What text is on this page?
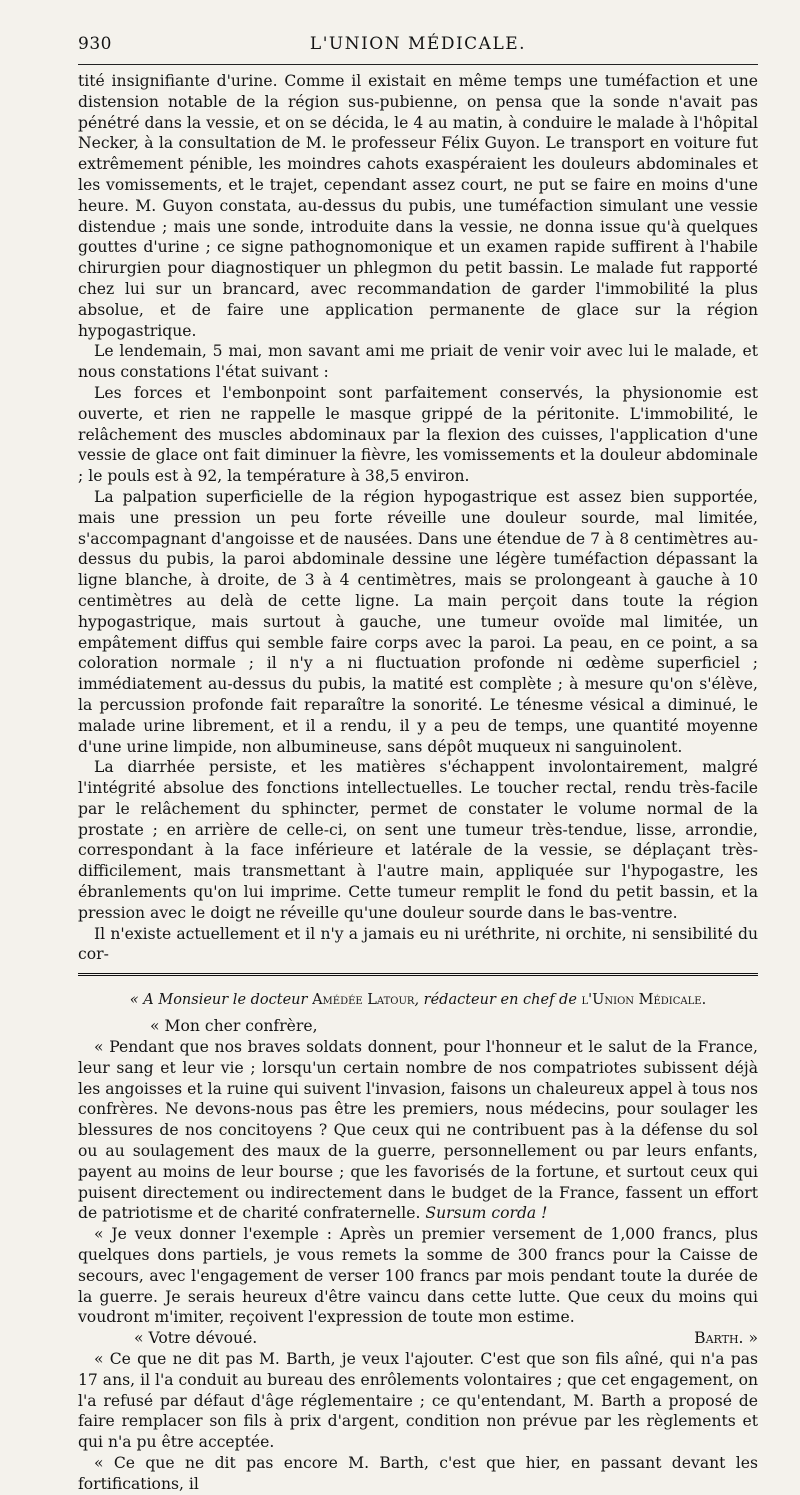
930	L'UNION MÉDICALE.

tité insignifiante d'urine. Comme il existait en même temps une tuméfaction et une distension notable de la région sus-pubienne, on pensa que la sonde n'avait pas pénétré dans la vessie, et on se décida, le 4 au matin, à conduire le malade à l'hôpital Necker, à la consultation de M. le professeur Félix Guyon. Le transport en voiture fut extrêmement pénible, les moindres cahots exaspéraient les douleurs abdominales et les vomissements, et le trajet, cependant assez court, ne put se faire en moins d'une heure. M. Guyon constata, au-dessus du pubis, une tuméfaction simulant une vessie distendue ; mais une sonde, introduite dans la vessie, ne donna issue qu'à quelques gouttes d'urine ; ce signe pathognomonique et un examen rapide suffirent à l'habile chirurgien pour diagnostiquer un phlegmon du petit bassin. Le malade fut rapporté chez lui sur un brancard, avec recommandation de garder l'immobilité la plus absolue, et de faire une application permanente de glace sur la région hypogastrique.

Le lendemain, 5 mai, mon savant ami me priait de venir voir avec lui le malade, et nous constations l'état suivant :

Les forces et l'embonpoint sont parfaitement conservés, la physionomie est ouverte, et rien ne rappelle le masque grippé de la péritonite. L'immobilité, le relâchement des muscles abdominaux par la flexion des cuisses, l'application d'une vessie de glace ont fait diminuer la fièvre, les vomissements et la douleur abdominale ; le pouls est à 92, la température à 38,5 environ.

La palpation superficielle de la région hypogastrique est assez bien supportée, mais une pression un peu forte réveille une douleur sourde, mal limitée, s'accompagnant d'angoisse et de nausées. Dans une étendue de 7 à 8 centimètres au-dessus du pubis, la paroi abdominale dessine une légère tuméfaction dépassant la ligne blanche, à droite, de 3 à 4 centimètres, mais se prolongeant à gauche à 10 centimètres au delà de cette ligne. La main perçoit dans toute la région hypogastrique, mais surtout à gauche, une tumeur ovoïde mal limitée, un empâtement diffus qui semble faire corps avec la paroi. La peau, en ce point, a sa coloration normale ; il n'y a ni fluctuation profonde ni œdème superficiel ; immédiatement au-dessus du pubis, la matité est complète ; à mesure qu'on s'élève, la percussion profonde fait reparaître la sonorité. Le ténesme vésical a diminué, le malade urine librement, et il a rendu, il y a peu de temps, une quantité moyenne d'une urine limpide, non albumineuse, sans dépôt muqueux ni sanguinolent.

La diarrhée persiste, et les matières s'échappent involontairement, malgré l'intégrité absolue des fonctions intellectuelles. Le toucher rectal, rendu très-facile par le relâchement du sphincter, permet de constater le volume normal de la prostate ; en arrière de celle-ci, on sent une tumeur très-tendue, lisse, arrondie, correspondant à la face inférieure et latérale de la vessie, se déplaçant très-difficilement, mais transmettant à l'autre main, appliquée sur l'hypogastre, les ébranlements qu'on lui imprime. Cette tumeur remplit le fond du petit bassin, et la pression avec le doigt ne réveille qu'une douleur sourde dans le bas-ventre.

Il n'existe actuellement et il n'y a jamais eu ni uréthrite, ni orchite, ni sensibilité du cor-

« A Monsieur le docteur Amédée Latour, rédacteur en chef de l'Union Médicale.

« Mon cher confrère,

« Pendant que nos braves soldats donnent, pour l'honneur et le salut de la France, leur sang et leur vie ; lorsqu'un certain nombre de nos compatriotes subissent déjà les angoisses et la ruine qui suivent l'invasion, faisons un chaleureux appel à tous nos confrères. Ne devons-nous pas être les premiers, nous médecins, pour soulager les blessures de nos concitoyens ? Que ceux qui ne contribuent pas à la défense du sol ou au soulagement des maux de la guerre, personnellement ou par leurs enfants, payent au moins de leur bourse ; que les favorisés de la fortune, et surtout ceux qui puisent directement ou indirectement dans le budget de la France, fassent un effort de patriotisme et de charité confraternelle. Sursum corda !

« Je veux donner l'exemple : Après un premier versement de 1,000 francs, plus quelques dons partiels, je vous remets la somme de 300 francs pour la Caisse de secours, avec l'engagement de verser 100 francs par mois pendant toute la durée de la guerre. Je serais heureux d'être vaincu dans cette lutte. Que ceux du moins qui voudront m'imiter, reçoivent l'expression de toute mon estime.

« Votre dévoué.	Barth. »

« Ce que ne dit pas M. Barth, je veux l'ajouter. C'est que son fils aîné, qui n'a pas 17 ans, il l'a conduit au bureau des enrôlements volontaires ; que cet engagement, on l'a refusé par défaut d'âge réglementaire ; ce qu'entendant, M. Barth a proposé de faire remplacer son fils à prix d'argent, condition non prévue par les règlements et qui n'a pu être acceptée.

« Ce que ne dit pas encore M. Barth, c'est que hier, en passant devant les fortifications, il
